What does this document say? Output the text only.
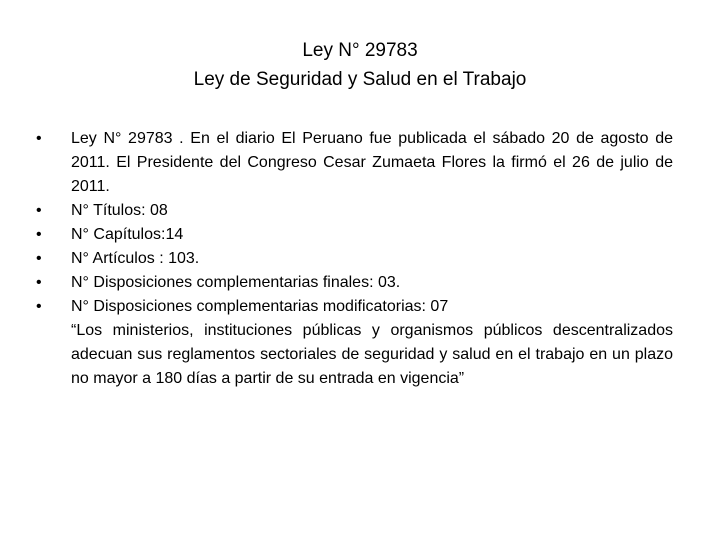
Ley N° 29783
Ley de Seguridad y Salud en el Trabajo
•	Ley N° 29783 . En el diario El Peruano fue publicada el sábado 20 de agosto de 2011. El Presidente del Congreso Cesar Zumaeta Flores la firmó el 26 de julio de 2011.
•	N° Títulos: 08
•	N° Capítulos:14
•	N° Artículos : 103.
•	N° Disposiciones complementarias finales: 03.
•	N° Disposiciones complementarias modificatorias: 07
“Los ministerios, instituciones públicas y organismos públicos descentralizados adecuan sus reglamentos sectoriales de seguridad y salud en el trabajo en un plazo no mayor a 180 días a partir de su entrada en vigencia”
